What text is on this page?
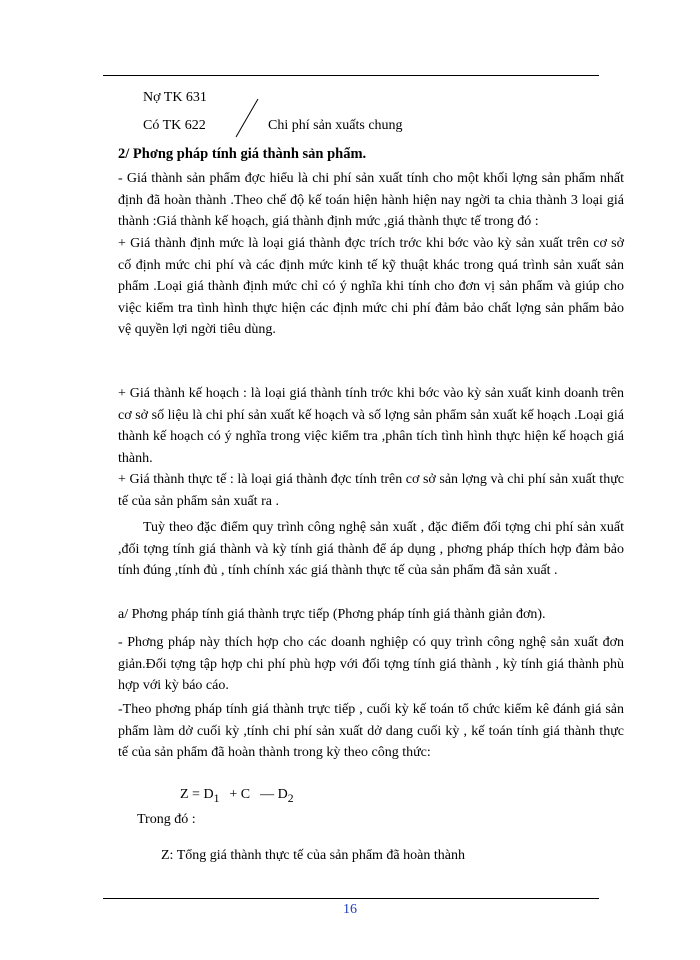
Nợ TK 631
Có TK 622	Chi phí sản xuấts chung
2/ Phơng pháp tính giá thành sản phẩm.

- Giá thành sản phẩm đợc hiểu là chi phí sản xuất tính cho một khối lợng sản phẩm nhất định đã hoàn thành .Theo chế độ kế toán hiện hành hiện nay ngời ta chia thành 3 loại giá thành :Giá thành kế hoạch, giá thành định mức ,giá thành thực tế trong đó :

+ Giá thành định mức là loại giá thành đợc trích trớc khi bớc vào kỳ sản xuất trên cơ sở cố định mức chi phí và các định mức kinh tế kỹ thuật khác trong quá trình sản xuất sản phẩm .Loại giá thành định mức chỉ có ý nghĩa khi tính cho đơn vị sản phẩm và giúp cho việc kiểm tra tình hình thực hiện các định mức chi phí đảm bảo chất lợng sản phẩm bảo vệ quyền lợi ngời tiêu dùng.

+ Giá thành kế hoạch : là loại giá thành tính trớc khi bớc vào kỳ sản xuất kinh doanh trên cơ sở số liệu là chi phí sản xuất kế hoạch và số lợng sản phẩm sản xuất kế hoạch .Loại giá thành kế hoạch có ý nghĩa trong việc kiểm tra ,phân tích tình hình thực hiện kế hoạch giá thành.

+ Giá thành thực tế : là loại giá thành đợc tính trên cơ sở sản lợng và chi phí sản xuất thực tế của sản phẩm sản xuất ra .

Tuỳ theo đặc điểm quy trình công nghệ sản xuất , đặc điểm đối tợng chi phí sản xuất ,đối tợng tính giá thành và kỳ tính giá thành để áp dụng , phơng pháp thích hợp đảm bảo tính đúng ,tính đủ , tính chính xác giá thành thực tế của sản phẩm đã sản xuất .

a/ Phơng pháp tính giá thành trực tiếp (Phơng pháp tính giá thành giản đơn).

- Phơng pháp này thích hợp cho các doanh nghiệp có quy trình công nghệ sản xuất đơn giản.Đối tợng tập hợp chi phí phù hợp với đối tợng tính giá thành , kỳ tính giá thành phù hợp với kỳ báo cáo.

-Theo phơng pháp tính giá thành trực tiếp , cuối kỳ kế toán tổ chức kiểm kê đánh giá sản phẩm làm dở cuối kỳ ,tính chi phí sản xuất dở dang cuối kỳ , kế toán tính giá thành thực tế của sản phẩm đã hoàn thành trong kỳ theo công thức:

$Z = D_1 + C$ — $D_2$
Trong đó :
Z: Tổng giá thành thực tế của sản phẩm đã hoàn thành
16
